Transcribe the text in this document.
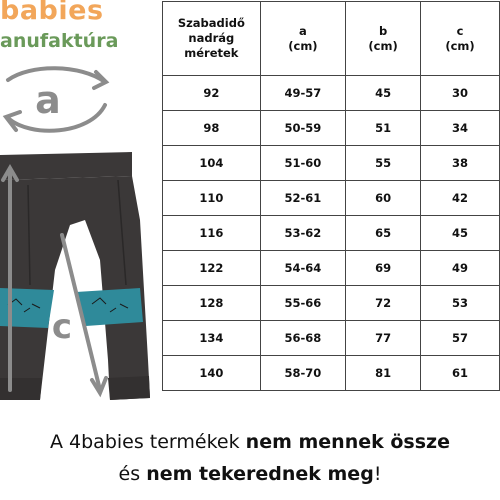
babies
anufaktúra
a
c
Szabadidő nadrág méretek	a (cm)	b (cm)	c (cm)
92	49-57	45	30
98	50-59	51	34
104	51-60	55	38
110	52-61	60	42
116	53-62	65	45
122	54-64	69	49
128	55-66	72	53
134	56-68	77	57
140	58-70	81	61
A 4babies termékek nem mennek össze
és nem tekerednek meg!
